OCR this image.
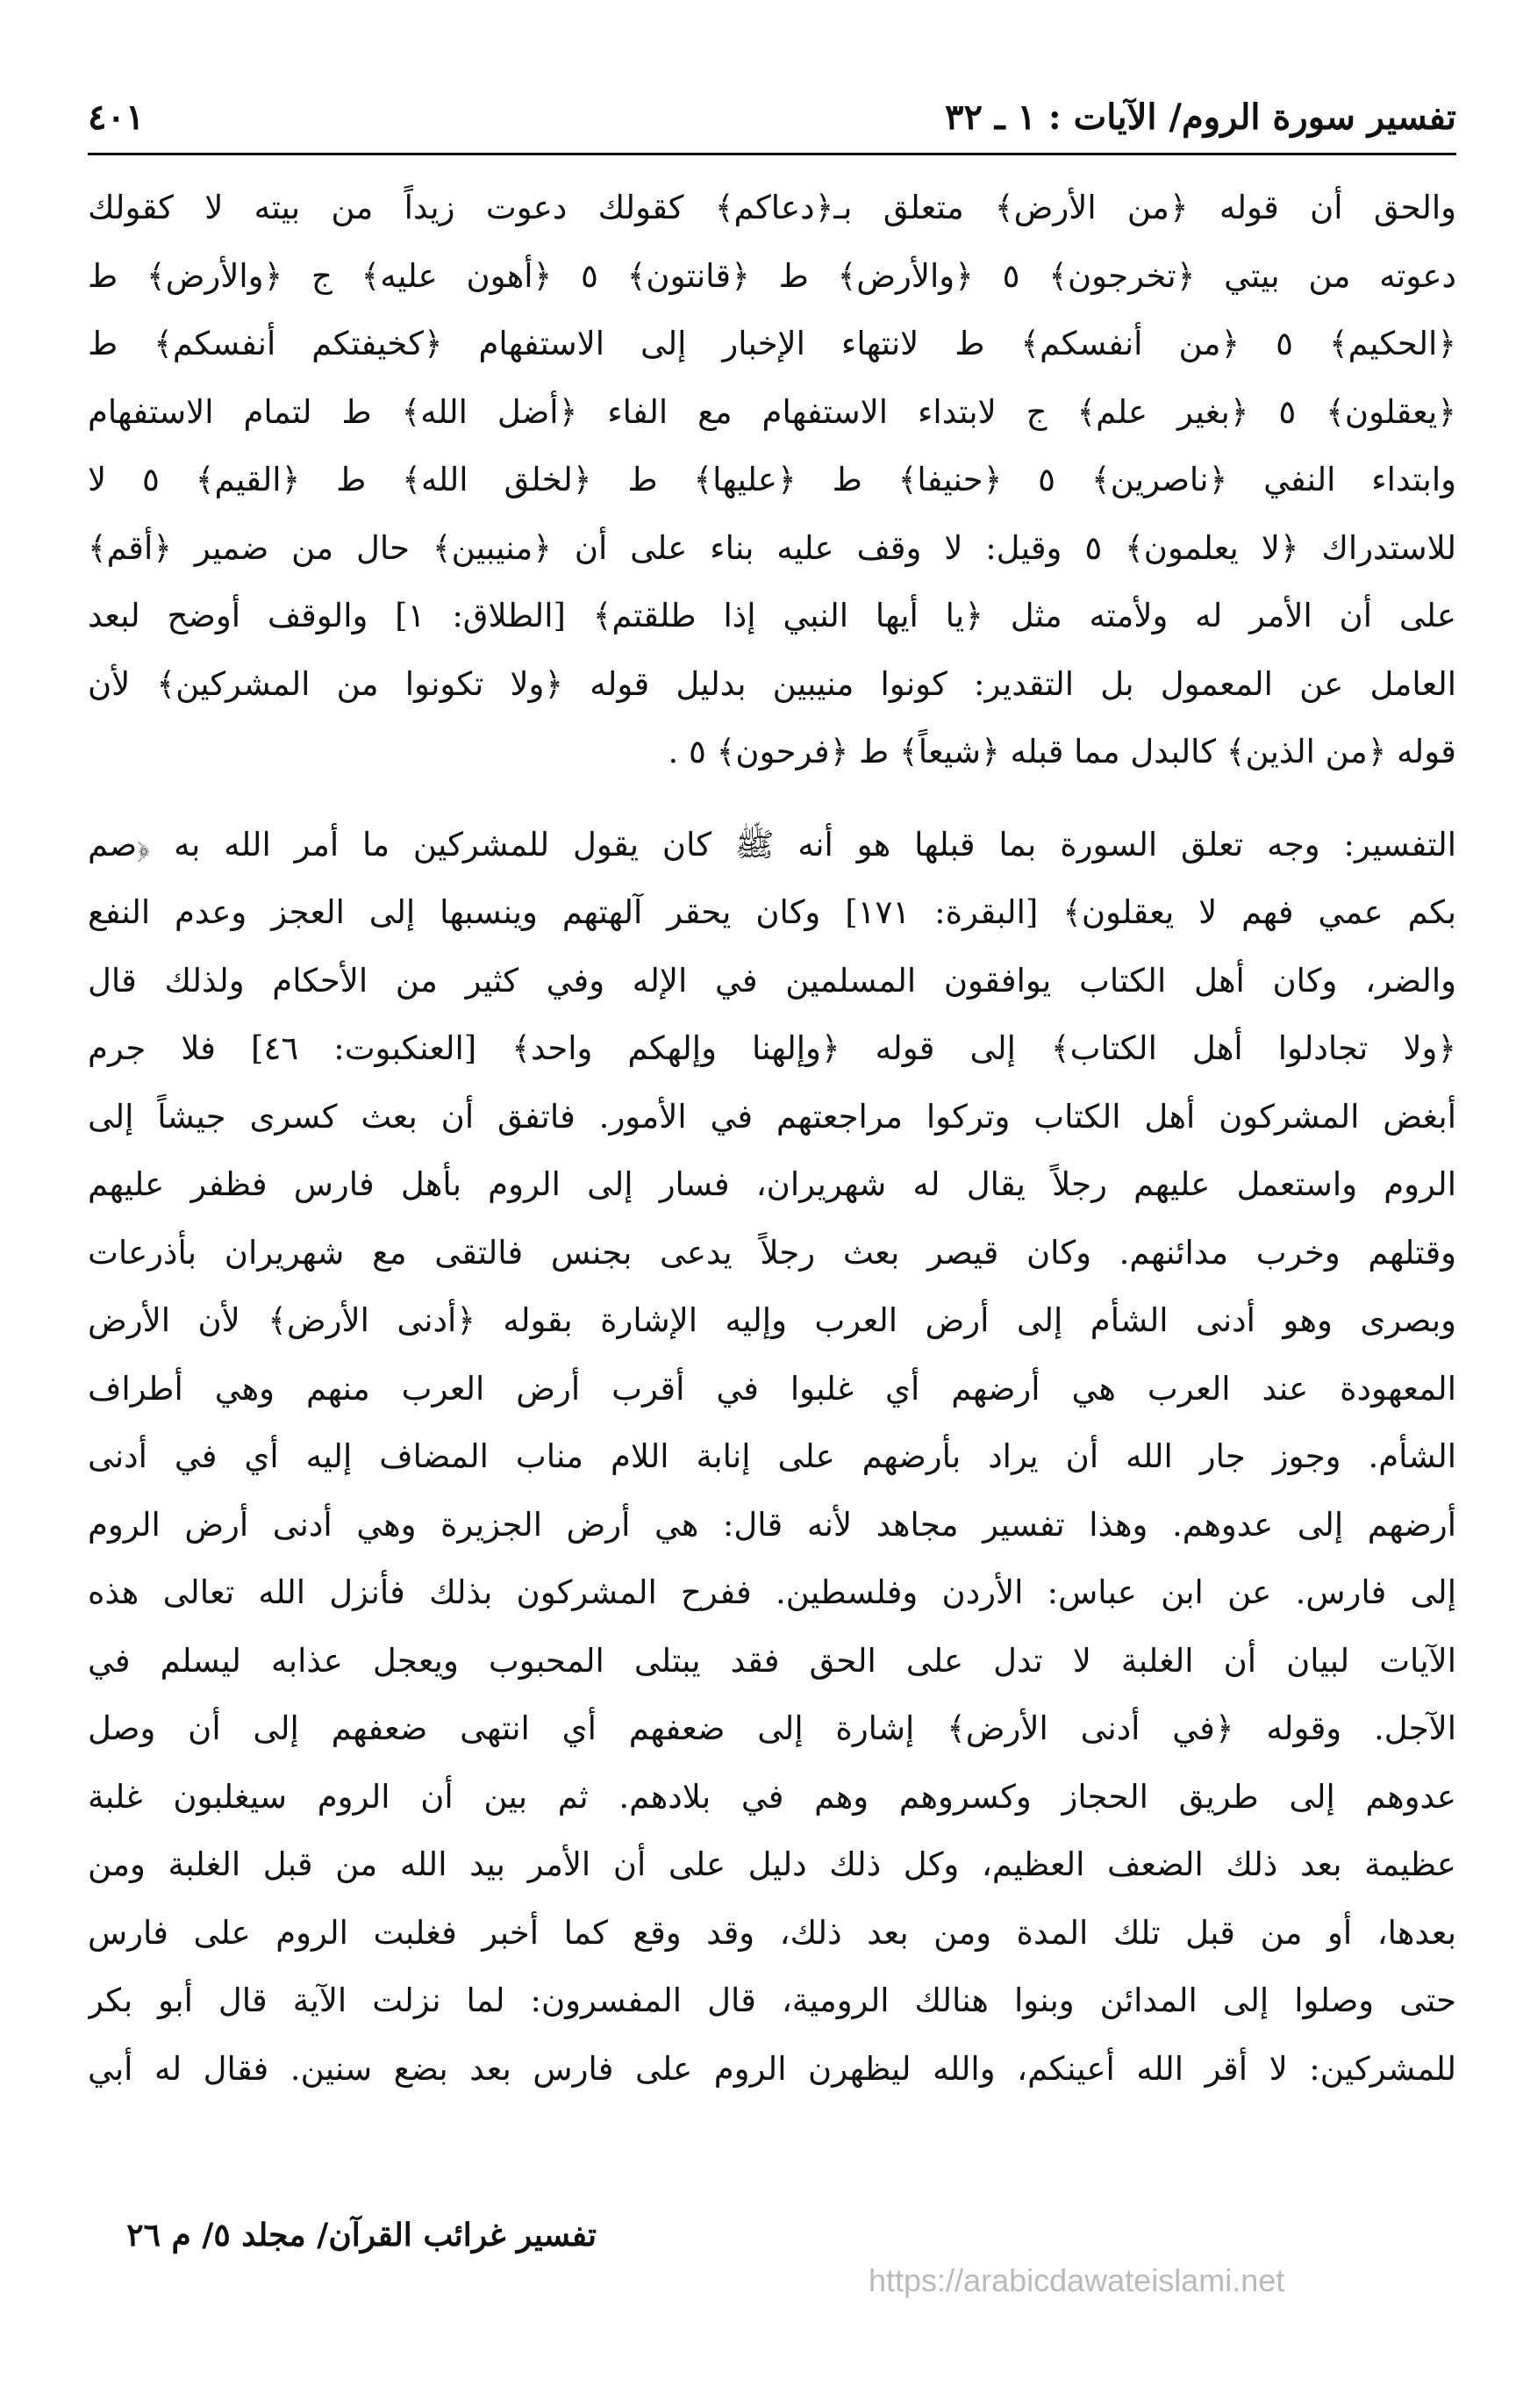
تفسير سورة الروم/ الآيات : ١ ـ ٣٢
٤٠١
والحق أن قوله ﴿من الأرض﴾ متعلق بـ﴿دعاكم﴾ كقولك دعوت زيداً من بيته لا كقولك
دعوته من بيتي ﴿تخرجون﴾ ٥ ﴿والأرض﴾ ط ﴿قانتون﴾ ٥ ﴿أهون عليه﴾ ج ﴿والأرض﴾ ط
﴿الحكيم﴾ ٥ ﴿من أنفسكم﴾ ط لانتهاء الإخبار إلى الاستفهام ﴿كخيفتكم أنفسكم﴾ ط
﴿يعقلون﴾ ٥ ﴿بغير علم﴾ ج لابتداء الاستفهام مع الفاء ﴿أضل الله﴾ ط لتمام الاستفهام
وابتداء النفي ﴿ناصرين﴾ ٥ ﴿حنيفا﴾ ط ﴿عليها﴾ ط ﴿لخلق الله﴾ ط ﴿القيم﴾ ٥ لا
للاستدراك ﴿لا يعلمون﴾ ٥ وقيل: لا وقف عليه بناء على أن ﴿منيبين﴾ حال من ضمير ﴿أقم﴾
على أن الأمر له ولأمته مثل ﴿يا أيها النبي إذا طلقتم﴾ [الطلاق: ١] والوقف أوضح لبعد
العامل عن المعمول بل التقدير: كونوا منيبين بدليل قوله ﴿ولا تكونوا من المشركين﴾ لأن
قوله ﴿من الذين﴾ كالبدل مما قبله ﴿شيعاً﴾ ط ﴿فرحون﴾ ٥ .
التفسير: وجه تعلق السورة بما قبلها هو أنه ﷺ كان يقول للمشركين ما أمر الله به ﴿صم
بكم عمي فهم لا يعقلون﴾ [البقرة: ١٧١] وكان يحقر آلهتهم وينسبها إلى العجز وعدم النفع
والضر، وكان أهل الكتاب يوافقون المسلمين في الإله وفي كثير من الأحكام ولذلك قال
﴿ولا تجادلوا أهل الكتاب﴾ إلى قوله ﴿وإلهنا وإلهكم واحد﴾ [العنكبوت: ٤٦] فلا جرم
أبغض المشركون أهل الكتاب وتركوا مراجعتهم في الأمور. فاتفق أن بعث كسرى جيشاً إلى
الروم واستعمل عليهم رجلاً يقال له شهريران، فسار إلى الروم بأهل فارس فظفر عليهم
وقتلهم وخرب مدائنهم. وكان قيصر بعث رجلاً يدعى بجنس فالتقى مع شهريران بأذرعات
وبصرى وهو أدنى الشأم إلى أرض العرب وإليه الإشارة بقوله ﴿أدنى الأرض﴾ لأن الأرض
المعهودة عند العرب هي أرضهم أي غلبوا في أقرب أرض العرب منهم وهي أطراف
الشأم. وجوز جار الله أن يراد بأرضهم على إنابة اللام مناب المضاف إليه أي في أدنى
أرضهم إلى عدوهم. وهذا تفسير مجاهد لأنه قال: هي أرض الجزيرة وهي أدنى أرض الروم
إلى فارس. عن ابن عباس: الأردن وفلسطين. ففرح المشركون بذلك فأنزل الله تعالى هذه
الآيات لبيان أن الغلبة لا تدل على الحق فقد يبتلى المحبوب ويعجل عذابه ليسلم في
الآجل. وقوله ﴿في أدنى الأرض﴾ إشارة إلى ضعفهم أي انتهى ضعفهم إلى أن وصل
عدوهم إلى طريق الحجاز وكسروهم وهم في بلادهم. ثم بين أن الروم سيغلبون غلبة
عظيمة بعد ذلك الضعف العظيم، وكل ذلك دليل على أن الأمر بيد الله من قبل الغلبة ومن
بعدها، أو من قبل تلك المدة ومن بعد ذلك، وقد وقع كما أخبر فغلبت الروم على فارس
حتى وصلوا إلى المدائن وبنوا هنالك الرومية، قال المفسرون: لما نزلت الآية قال أبو بكر
للمشركين: لا أقر الله أعينكم، والله ليظهرن الروم على فارس بعد بضع سنين. فقال له أبي
تفسير غرائب القرآن/ مجلد ٥/ م ٢٦
https://arabicdawateislami.net
